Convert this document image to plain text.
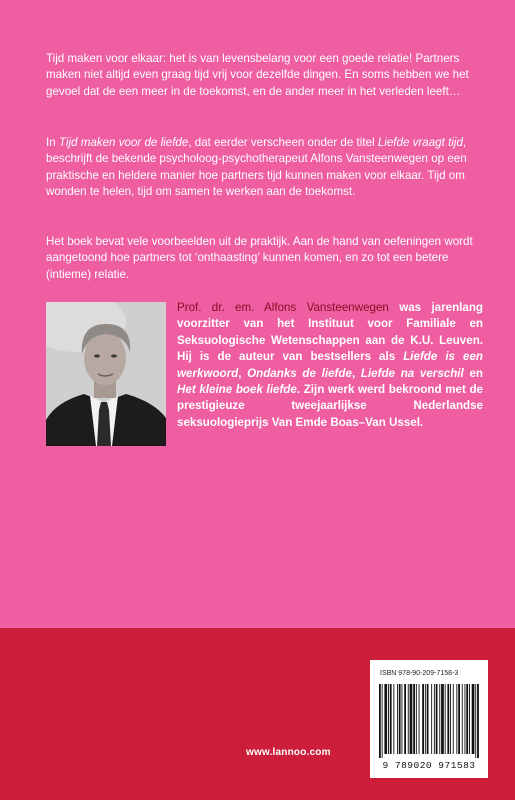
Tijd maken voor elkaar: het is van levensbelang voor een goede relatie! Partners maken niet altijd even graag tijd vrij voor dezelfde dingen. En soms hebben we het gevoel dat de een meer in de toekomst, en de ander meer in het verleden leeft…

In Tijd maken voor de liefde, dat eerder verscheen onder de titel Liefde vraagt tijd, beschrijft de bekende psycholoog-psychotherapeut Alfons Vansteenwegen op een praktische en heldere manier hoe partners tijd kunnen maken voor elkaar. Tijd om wonden te helen, tijd om samen te werken aan de toekomst.

Het boek bevat vele voorbeelden uit de praktijk. Aan de hand van oefeningen wordt aangetoond hoe partners tot ‘onthaasting’ kunnen komen, en zo tot een betere (intieme) relatie.

Prof. dr. em. Alfons Vansteenwegen was jarenlang voorzitter van het Instituut voor Familiale en Seksuologische Wetenschappen aan de K.U. Leuven. Hij is de auteur van bestsellers als Liefde is een werkwoord, Ondanks de liefde, Liefde na verschil en Het kleine boek liefde. Zijn werk werd bekroond met de prestigieuze tweejaarlijkse Nederlandse seksuologieprijs Van Emde Boas–Van Ussel.

www.lannoo.com
ISBN 978-90-209-7158-3
9 789020 971583
